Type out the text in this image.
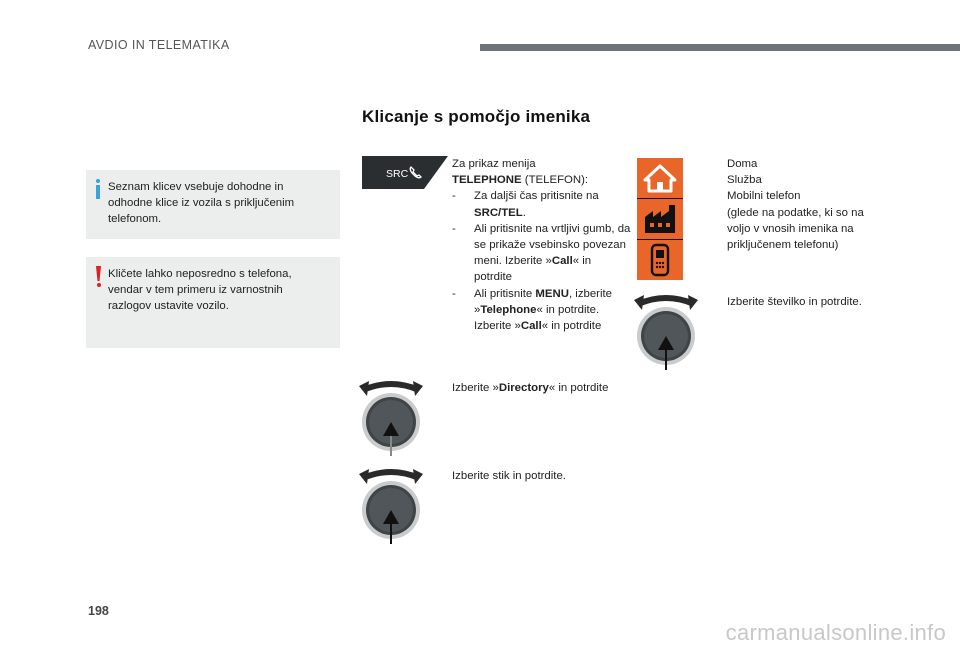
AVDIO IN TELEMATIKA
Klicanje s pomočjo imenika

Seznam klicev vsebuje dohodne in odhodne klice iz vozila s priključenim telefonom.

Kličete lahko neposredno s telefona, vendar v tem primeru iz varnostnih razlogov ustavite vozilo.

SRC
Za prikaz menija
TELEPHONE (TELEFON):
- Za daljši čas pritisnite na SRC/TEL.
- Ali pritisnite na vrtljivi gumb, da se prikaže vsebinsko povezan meni. Izberite »Call« in potrdite
- Ali pritisnite MENU, izberite »Telephone« in potrdite. Izberite »Call« in potrdite
Izberite »Directory« in potrdite
Izberite stik in potrdite.
Doma
Služba
Mobilni telefon
(glede na podatke, ki so na voljo v vnosih imenika na priključenem telefonu)
Izberite številko in potrdite.
198
carmanualsonline.info
